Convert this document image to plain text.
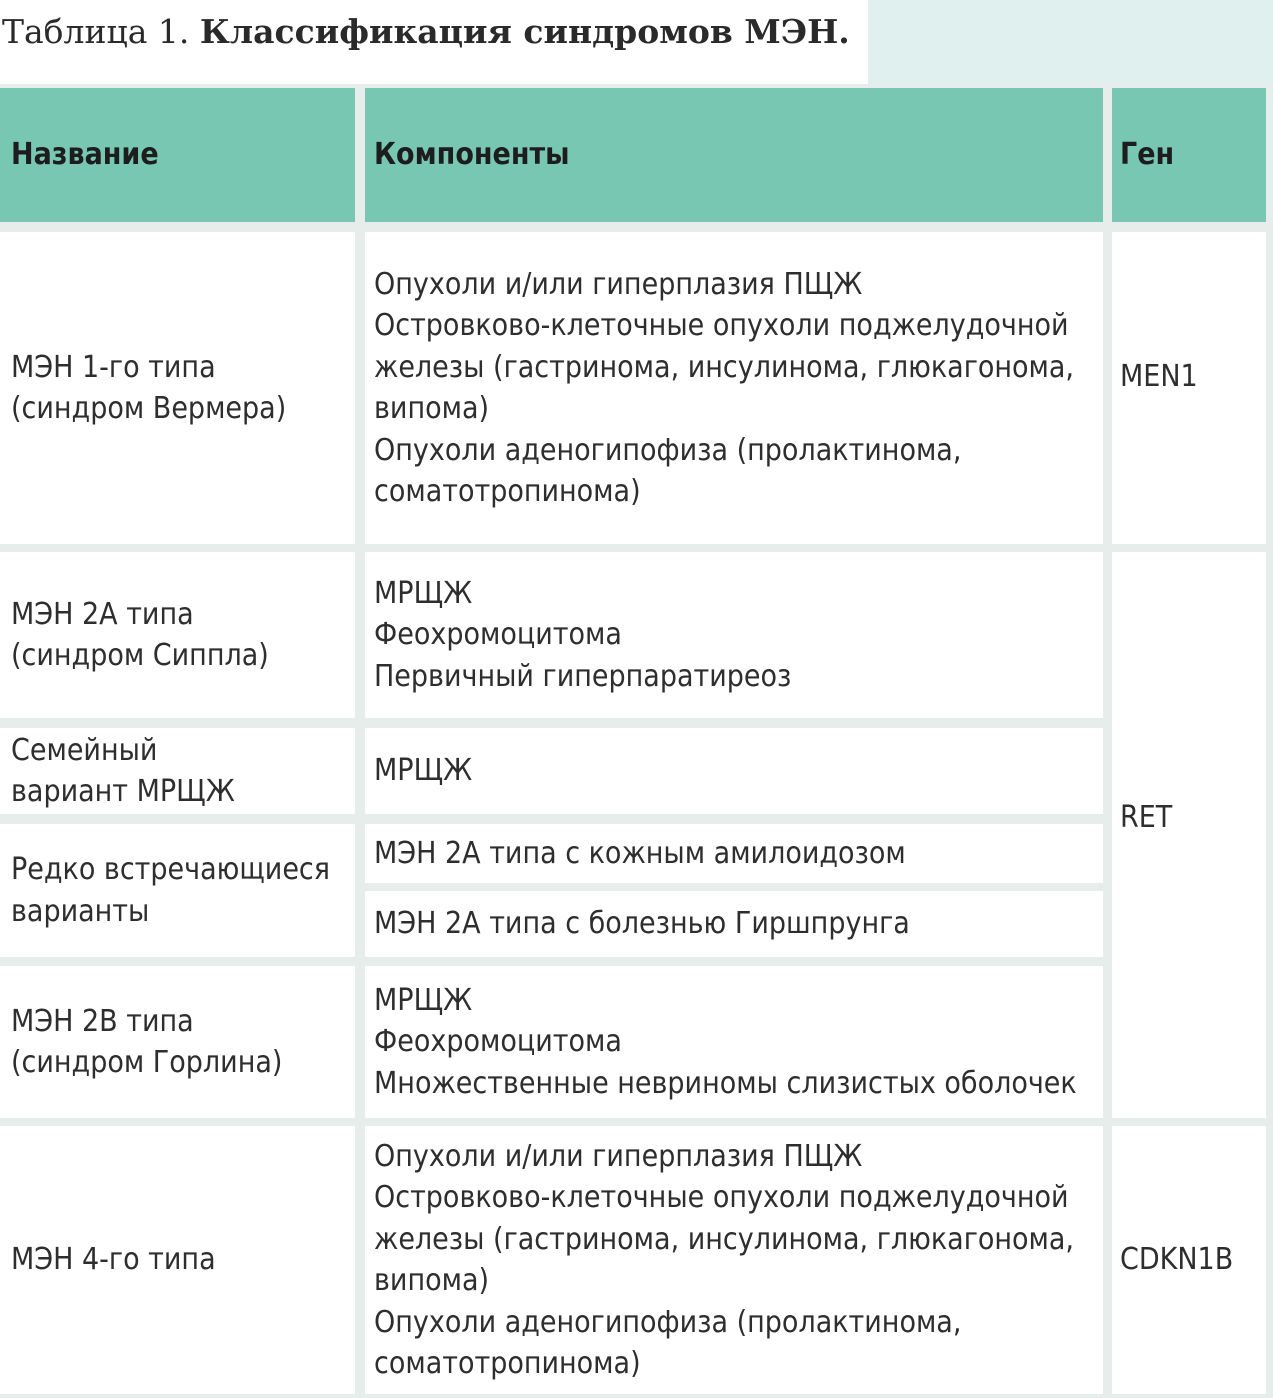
Таблица 1. Классификация синдромов МЭН.
Название	Компоненты	Ген
МЭН 1-го типа
(синдром Вермера)
Опухоли и/или гиперплазия ПЩЖ
Островково-клеточные опухоли поджелудочной
железы (гастринома, инсулинома, глюкагонома,
випома)
Опухоли аденогипофиза (пролактинома,
соматотропинома)
MEN1
МЭН 2А типа
(синдром Сиппла)
МРЩЖ
Феохромоцитома
Первичный гиперпаратиреоз
Семейный
вариант МРЩЖ
МРЩЖ
Редко встречающиеся
варианты
МЭН 2А типа с кожным амилоидозом
МЭН 2А типа с болезнью Гиршпрунга
МЭН 2В типа
(синдром Горлина)
МРЩЖ
Феохромоцитома
Множественные невриномы слизистых оболочек
RET
МЭН 4-го типа
Опухоли и/или гиперплазия ПЩЖ
Островково-клеточные опухоли поджелудочной
железы (гастринома, инсулинома, глюкагонома,
випома)
Опухоли аденогипофиза (пролактинома,
соматотропинома)
CDKN1B
